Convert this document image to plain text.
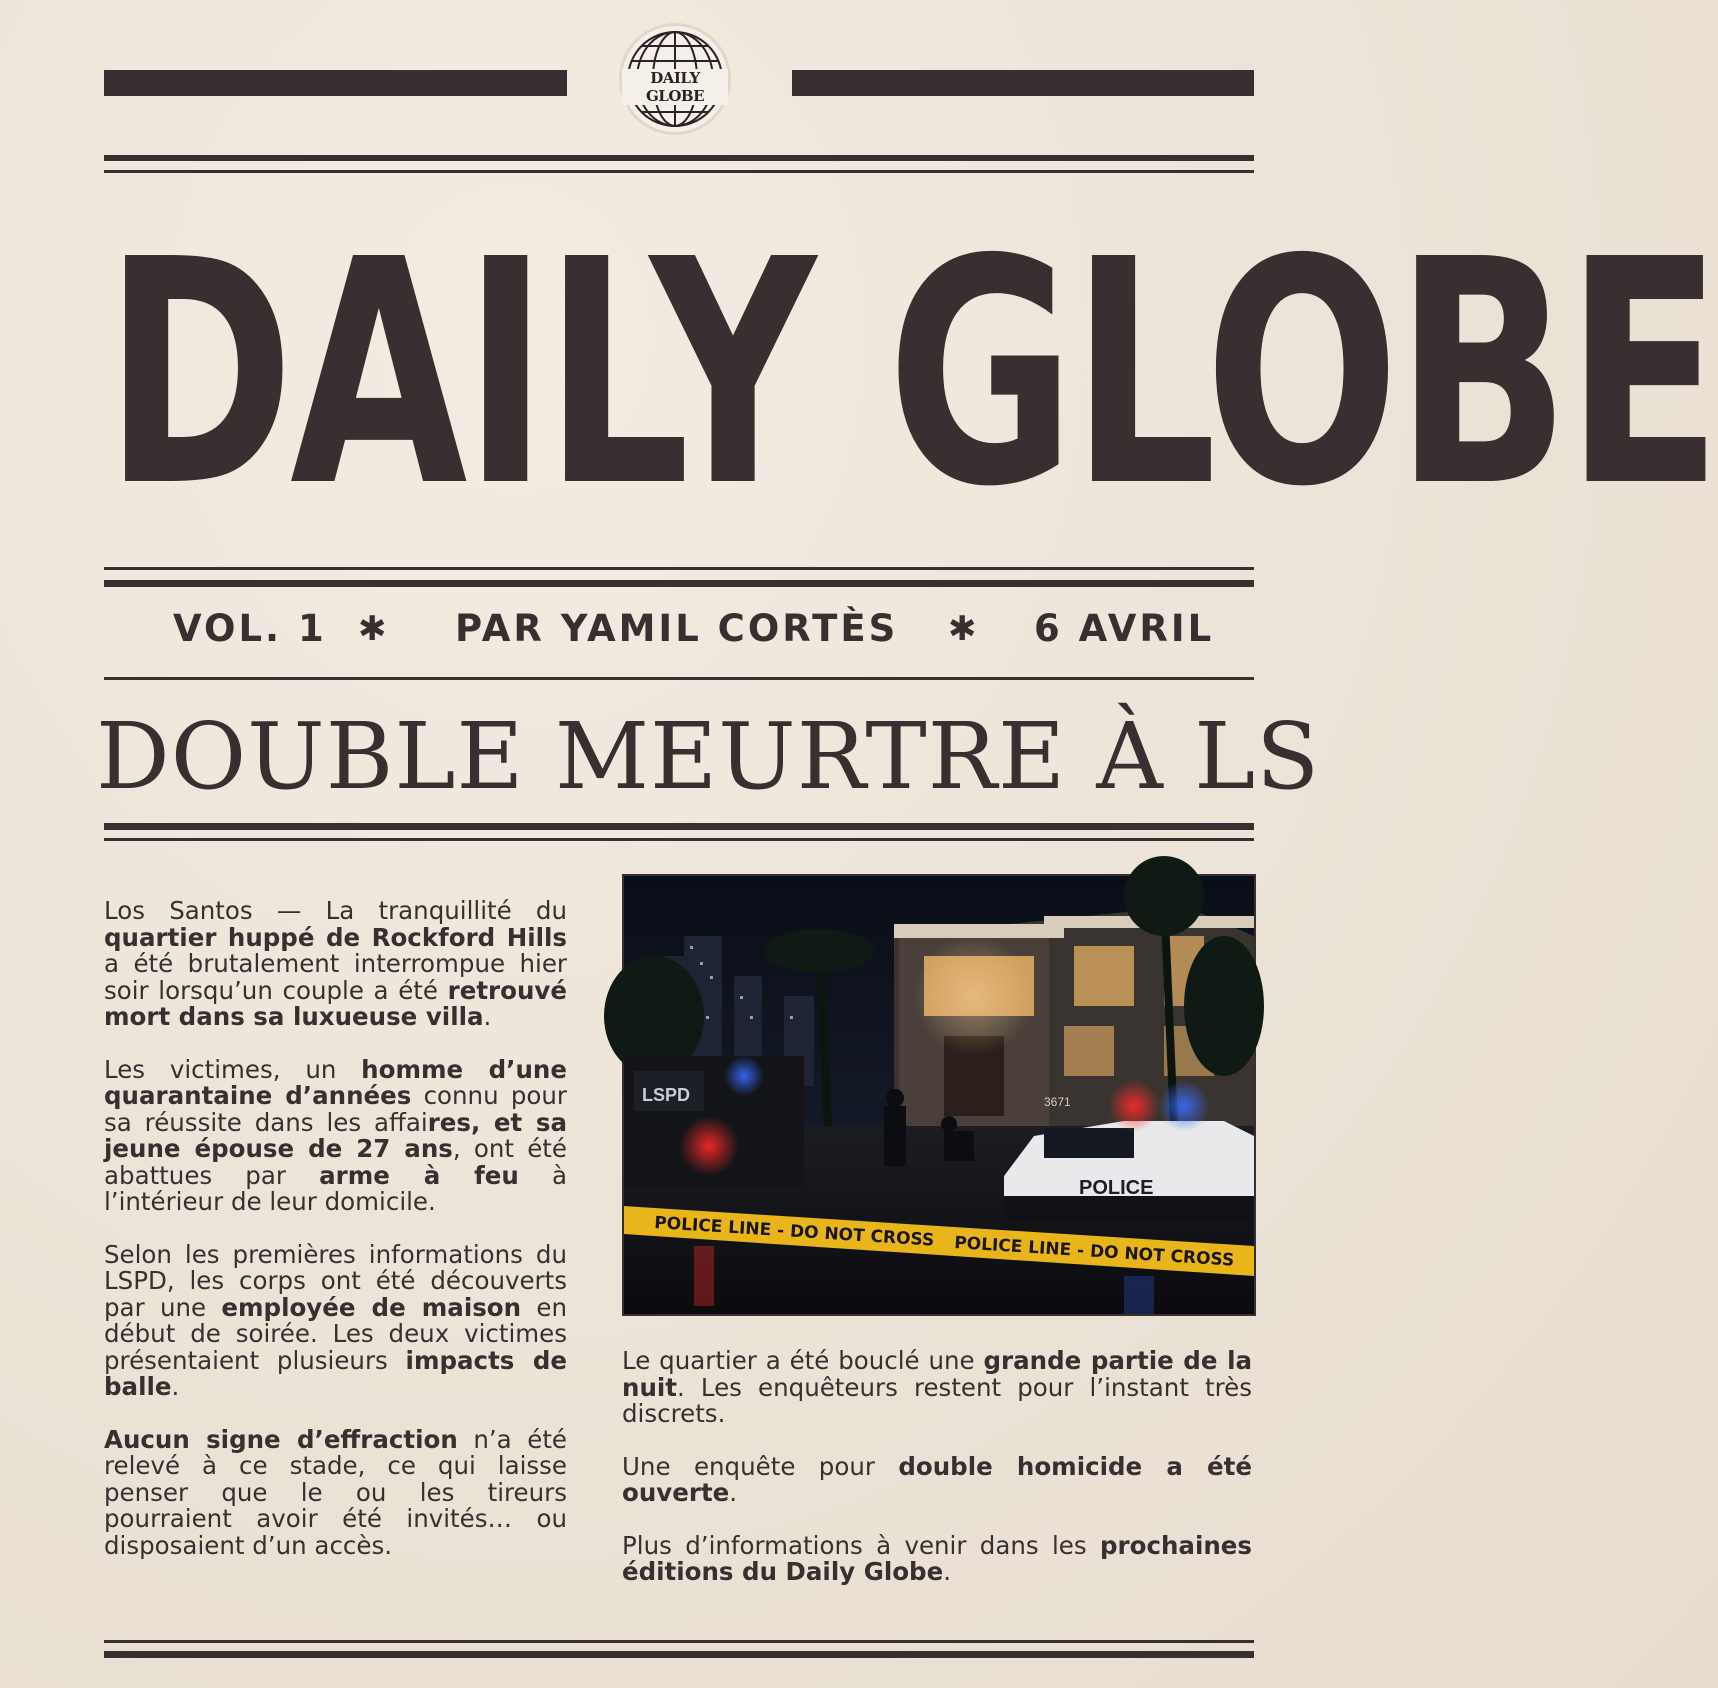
DAILY GLOBE
DAILY GLOBE
VOL. 1 ✱ PAR YAMIL CORTÈS ✱ 6 AVRIL
DOUBLE MEURTRE À LS

Los Santos — La tranquillité du quartier huppé de Rockford Hills a été brutalement interrompue hier soir lorsqu’un couple a été retrouvé mort dans sa luxueuse villa.

Les victimes, un homme d’une quarantaine d’années connu pour sa réussite dans les affaires, et sa jeune épouse de 27 ans, ont été abattues par arme à feu à l’intérieur de leur domicile.

Selon les premières informations du LSPD, les corps ont été découverts par une employée de maison en début de soirée. Les deux victimes présentaient plusieurs impacts de balle.

Aucun signe d’effraction n’a été relevé à ce stade, ce qui laisse penser que le ou les tireurs pourraient avoir été invités… ou disposaient d’un accès.

LSPD
POLICE
POLICE LINE - DO NOT CROSS
POLICE LINE - DO NOT CROSS
3671

Le quartier a été bouclé une grande partie de la nuit. Les enquêteurs restent pour l’instant très discrets.

Une enquête pour double homicide a été ouverte.

Plus d’informations à venir dans les prochaines éditions du Daily Globe.
